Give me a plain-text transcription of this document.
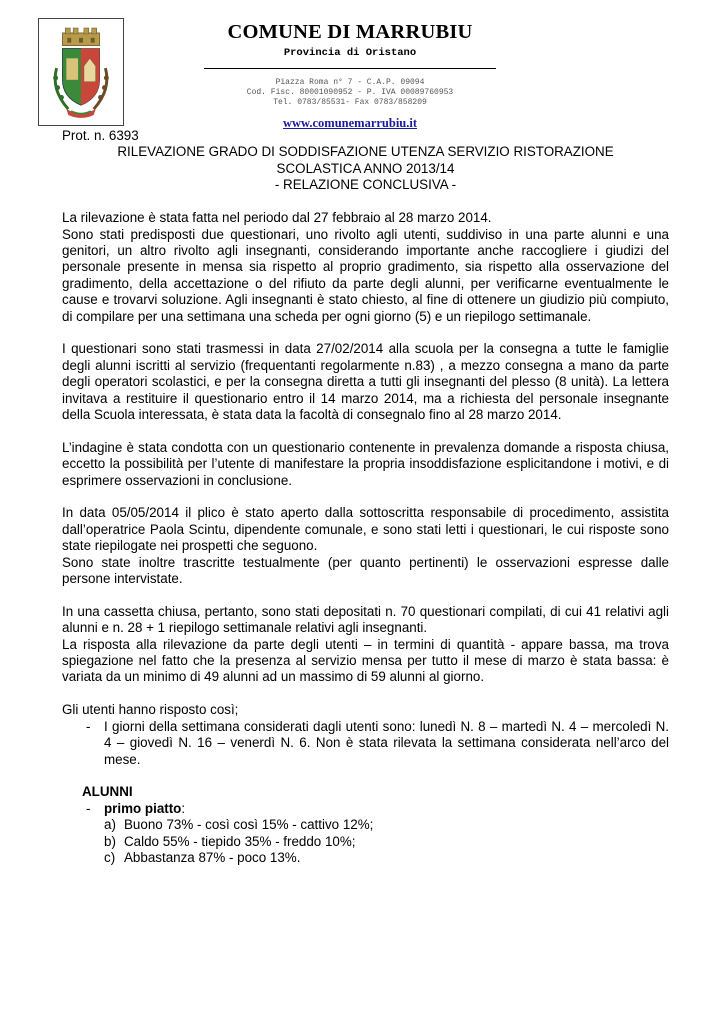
COMUNE DI MARRUBIU
Provincia di Oristano
Piazza Roma n° 7 - C.A.P. 09094
Cod. Fisc. 80001090952 - P. IVA 00089760953
Tel. 0783/85531- Fax 0783/858209
www.comunemarrubiu.it
Prot. n. 6393
RILEVAZIONE GRADO DI SODDISFAZIONE UTENZA SERVIZIO RISTORAZIONE
SCOLASTICA ANNO 2013/14
- RELAZIONE CONCLUSIVA -

La rilevazione è stata fatta nel periodo dal 27 febbraio al 28 marzo 2014.

Sono stati predisposti due questionari, uno rivolto agli utenti, suddiviso in una parte alunni e una genitori, un altro rivolto agli insegnanti, considerando importante anche raccogliere i giudizi del personale presente in mensa sia rispetto al proprio gradimento, sia rispetto alla osservazione del gradimento, della accettazione o del rifiuto da parte degli alunni, per verificarne eventualmente le cause e trovarvi soluzione. Agli insegnanti è stato chiesto, al fine di ottenere un giudizio più compiuto, di compilare per una settimana una scheda per ogni giorno (5) e un riepilogo settimanale.

I questionari sono stati trasmessi in data 27/02/2014 alla scuola per la consegna a tutte le famiglie degli alunni iscritti al servizio (frequentanti regolarmente n.83) , a mezzo consegna a mano da parte degli operatori scolastici, e per la consegna diretta a tutti gli insegnanti del plesso (8 unità). La lettera invitava a restituire il questionario entro il 14 marzo 2014, ma a richiesta del personale insegnante della Scuola interessata, è stata data la facoltà di consegnalo fino al 28 marzo 2014.

L’indagine è stata condotta con un questionario contenente in prevalenza domande a risposta chiusa, eccetto la possibilità per l’utente di manifestare la propria insoddisfazione esplicitandone i motivi, e di esprimere osservazioni in conclusione.

In data 05/05/2014 il plico è stato aperto dalla sottoscritta responsabile di procedimento, assistita dall’operatrice Paola Scintu, dipendente comunale, e sono stati letti i questionari, le cui risposte sono state riepilogate nei prospetti che seguono.

Sono state inoltre trascritte testualmente (per quanto pertinenti) le osservazioni espresse dalle persone intervistate.

In una cassetta chiusa, pertanto, sono stati depositati n. 70 questionari compilati, di cui 41 relativi agli alunni e n. 28 + 1 riepilogo settimanale relativi agli insegnanti.

La risposta alla rilevazione da parte degli utenti – in termini di quantità - appare bassa, ma trova spiegazione nel fatto che la presenza al servizio mensa per tutto il mese di marzo è stata bassa: è variata da un minimo di 49 alunni ad un massimo di 59 alunni al giorno.

Gli utenti hanno risposto così;

- I giorni della settimana considerati dagli utenti sono: lunedì N. 8 – martedì N. 4 – mercoledì N. 4 – giovedì N. 16 – venerdì N. 6. Non è stata rilevata la settimana considerata nell’arco del mese.
ALUNNI
- primo piatto:
a) Buono 73% - così così 15% - cattivo 12%;
b) Caldo 55% - tiepido 35% - freddo 10%;
c) Abbastanza 87% - poco 13%.
